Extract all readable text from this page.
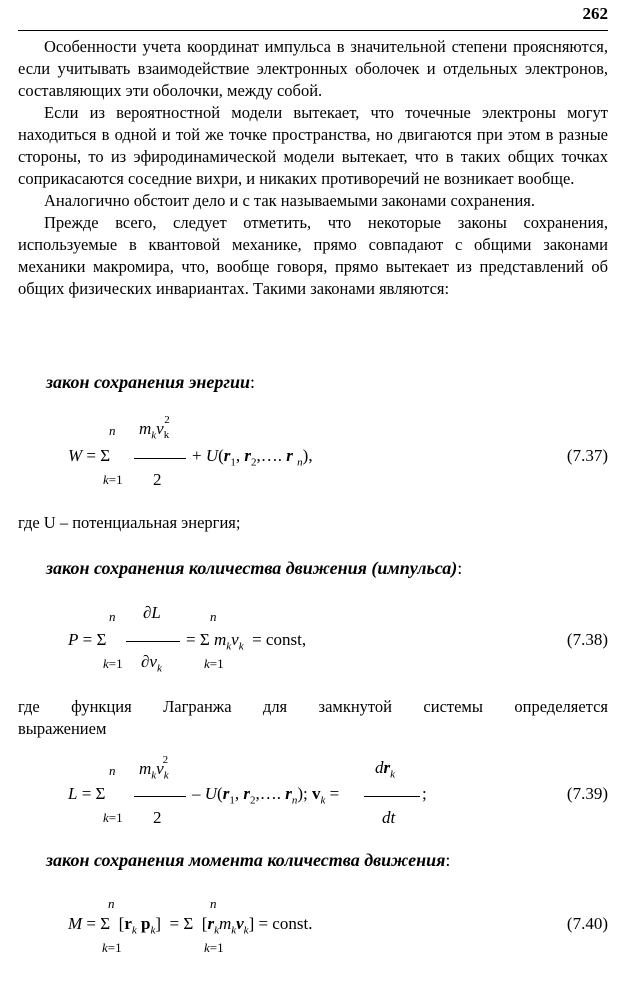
262

Особенности учета координат импульса в значительной степени проясняются, если учитывать взаимодействие электронных оболочек и отдельных электронов, составляющих эти оболочки, между собой.

Если из вероятностной модели вытекает, что точечные электроны могут находиться в одной и той же точке пространства, но двигаются при этом в разные стороны, то из эфиродинамической модели вытекает, что в таких общих точках соприкасаются соседние вихри, и никаких противоречий не возникает вообще.

Аналогично обстоит дело и с так называемыми законами сохранения.

Прежде всего, следует отметить, что некоторые законы сохранения, используемые в квантовой механике, прямо совпадают с общими законами механики макромира, что, вообще говоря, прямо вытекает из представлений об общих физических инвариантах. Такими законами являются:

закон сохранения энергии:
n $m_kv_k^2$
W = Σ	+ $U(r_1$, $r_2,\dots$. r $_n$),
k=1 2
(7.37)
где U – потенциальная энергия;
закон сохранения количества движения (импульса):
n ∂L	n
P = Σ	= Σ $m_kv_k$  = const,
k=1 $\partial v_k$	k=1
(7.38)
где функция Лагранжа для замкнутой системы определяется
выражением
n $m_kv_k^2$	$dr_k$
L = Σ	– $U(r_1$, $r_2,\dots$. $r_n$); $v_k$ =	;
k=1 2	dt
(7.39)
закон сохранения момента количества движения:
n	n
M = Σ  [$r_k$ $p_k] = \Sigma$  $[r_km_kv_k]$ = const.
k=1	k=1
(7.40)
